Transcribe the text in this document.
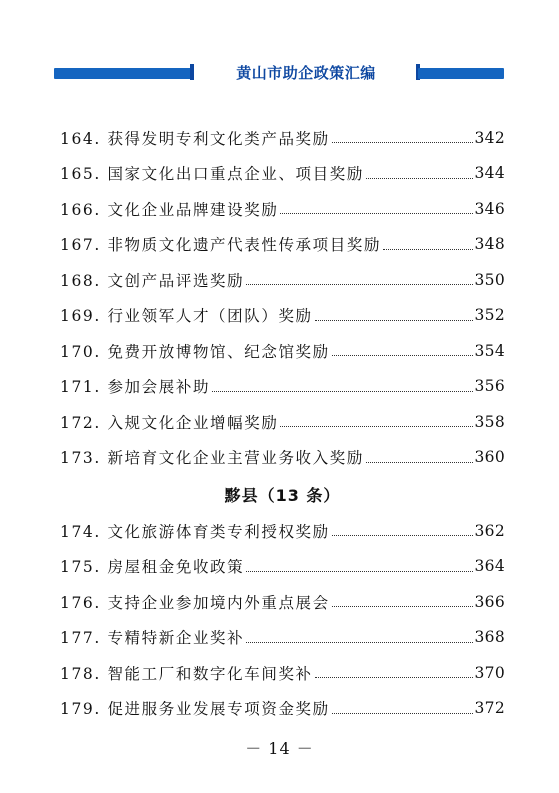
黄山市助企政策汇编
164. 获得发明专利文化类产品奖励	342
165. 国家文化出口重点企业、项目奖励	344
166. 文化企业品牌建设奖励	346
167. 非物质文化遗产代表性传承项目奖励	348
168. 文创产品评选奖励	350
169. 行业领军人才（团队）奖励	352
170. 免费开放博物馆、纪念馆奖励	354
171. 参加会展补助	356
172. 入规文化企业增幅奖励	358
173. 新培育文化企业主营业务收入奖励	360
黟县（13 条）
174. 文化旅游体育类专利授权奖励	362
175. 房屋租金免收政策	364
176. 支持企业参加境内外重点展会	366
177. 专精特新企业奖补	368
178. 智能工厂和数字化车间奖补	370
179. 促进服务业发展专项资金奖励	372
－ 14 －
